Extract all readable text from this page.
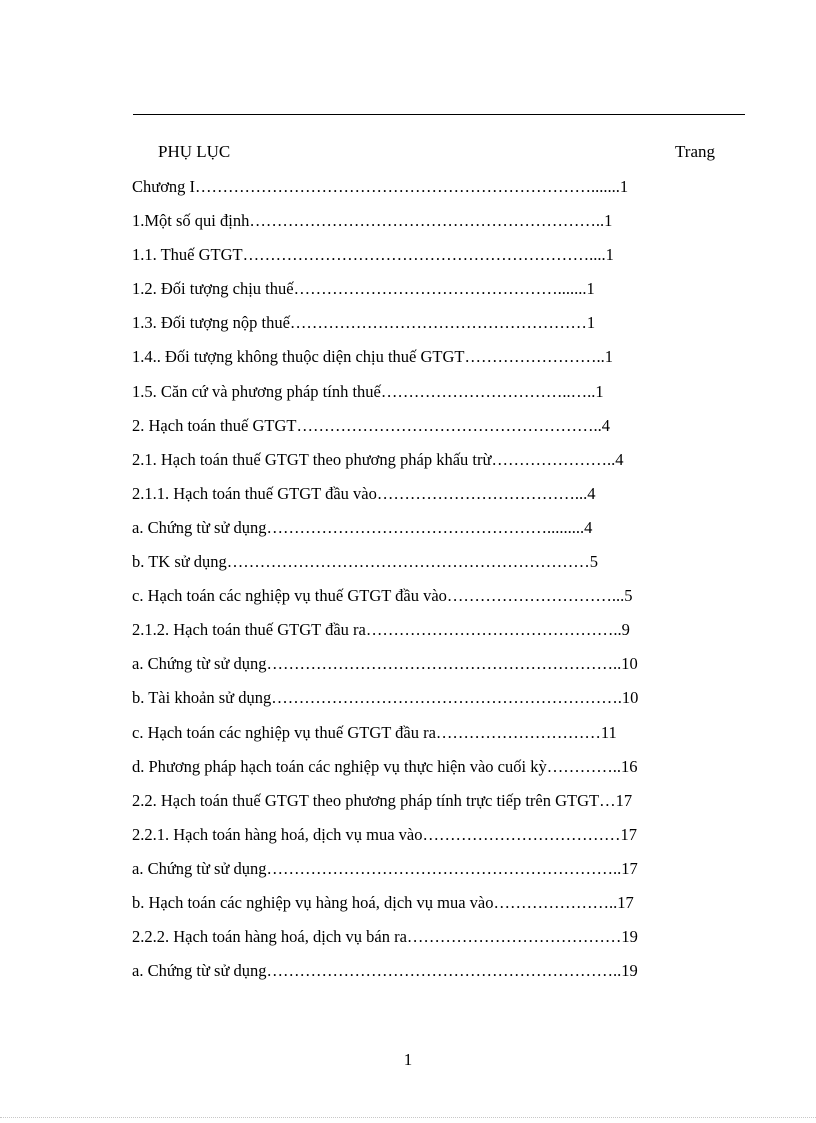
PHỤ LỤC	Trang
Chương I……………………………………………………………….......1
1.Một số qui định………………………………………………………..1
1.1. Thuế GTGT………………………………………………………....1
1.2. Đối tượng chịu thuế………………………………………….......1
1.3. Đối tượng nộp thuế………………………………………………1
1.4.. Đối tượng không thuộc diện chịu thuế GTGT……………………..1
1.5. Căn cứ và phương pháp tính thuế……………………………..…..1
2. Hạch toán thuế GTGT………………………………………………..4
2.1. Hạch toán thuế GTGT theo phương pháp khấu trừ…………………..4
2.1.1. Hạch toán thuế GTGT đầu vào………………………………...4
a. Chứng từ sử dụng…………………………………………….........4
b. TK sử dụng…………………………………………………………5
c. Hạch toán các nghiệp vụ thuế GTGT đầu vào…………………………...5
2.1.2. Hạch toán thuế GTGT đầu ra………………………………………..9
a. Chứng từ sử dụng………………………………………………………..10
b. Tài khoản sử dụng……………………………………………………….10
c. Hạch toán các nghiệp vụ thuế GTGT đầu ra…………………………11
d. Phương pháp hạch toán các nghiệp vụ thực hiện vào cuối kỳ…………..16
2.2. Hạch toán thuế GTGT theo phương pháp tính trực tiếp trên GTGT…17
2.2.1. Hạch toán hàng hoá, dịch vụ mua vào………………………………17
a. Chứng từ sử dụng………………………………………………………..17
b. Hạch toán các nghiệp vụ hàng hoá, dịch vụ mua vào…………………..17
2.2.2. Hạch toán hàng hoá, dịch vụ bán ra…………………………………19
a. Chứng từ sử dụng………………………………………………………..19
1
